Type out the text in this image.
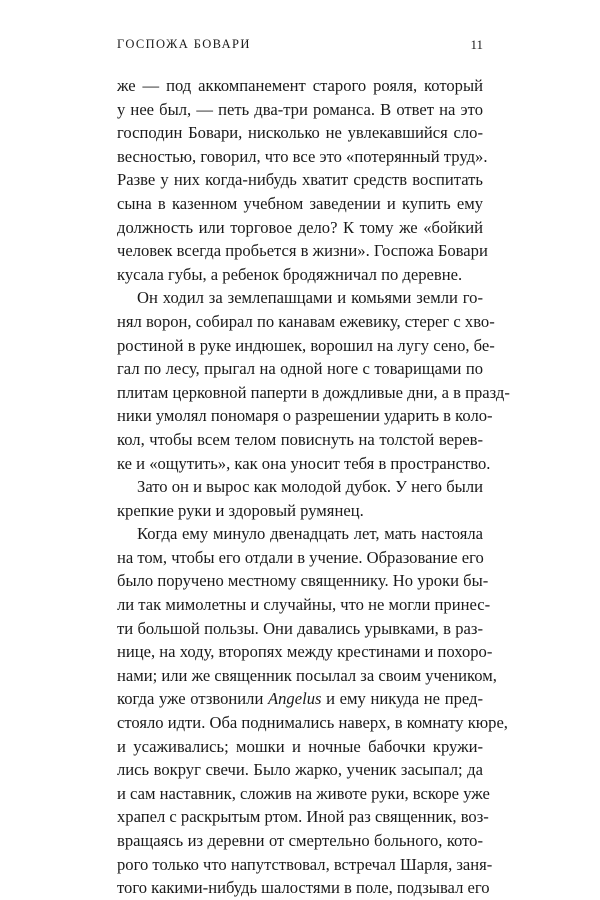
ГОСПОЖА БОВАРИ	11
же — под аккомпанемент старого рояля, который
у нее был, — петь два-три романса. В ответ на это
господин Бовари, нисколько не увлекавшийся сло-
весностью, говорил, что все это «потерянный труд».
Разве у них когда-нибудь хватит средств воспитать
сына в казенном учебном заведении и купить ему
должность или торговое дело? К тому же «бойкий
человек всегда пробьется в жизни». Госпожа Бовари
кусала губы, а ребенок бродяжничал по деревне.
Он ходил за землепашцами и комьями земли го-
нял ворон, собирал по канавам ежевику, стерег с хво-
ростиной в руке индюшек, ворошил на лугу сено, бе-
гал по лесу, прыгал на одной ноге с товарищами по
плитам церковной паперти в дождливые дни, а в празд-
ники умолял пономаря о разрешении ударить в коло-
кол, чтобы всем телом повиснуть на толстой верев-
ке и «ощутить», как она уносит тебя в пространство.
Зато он и вырос как молодой дубок. У него были
крепкие руки и здоровый румянец.
Когда ему минуло двенадцать лет, мать настояла
на том, чтобы его отдали в учение. Образование его
было поручено местному священнику. Но уроки бы-
ли так мимолетны и случайны, что не могли принес-
ти большой пользы. Они давались урывками, в раз-
нице, на ходу, второпях между крестинами и похоро-
нами; или же священник посылал за своим учеником,
когда уже отзвонили Angelus и ему никуда не пред-
стояло идти. Оба поднимались наверх, в комнату кюре,
и усаживались; мошки и ночные бабочки кружи-
лись вокруг свечи. Было жарко, ученик засыпал; да
и сам наставник, сложив на животе руки, вскоре уже
храпел с раскрытым ртом. Иной раз священник, воз-
вращаясь из деревни от смертельно больного, кото-
рого только что напутствовал, встречал Шарля, заня-
того какими-нибудь шалостями в поле, подзывал его
